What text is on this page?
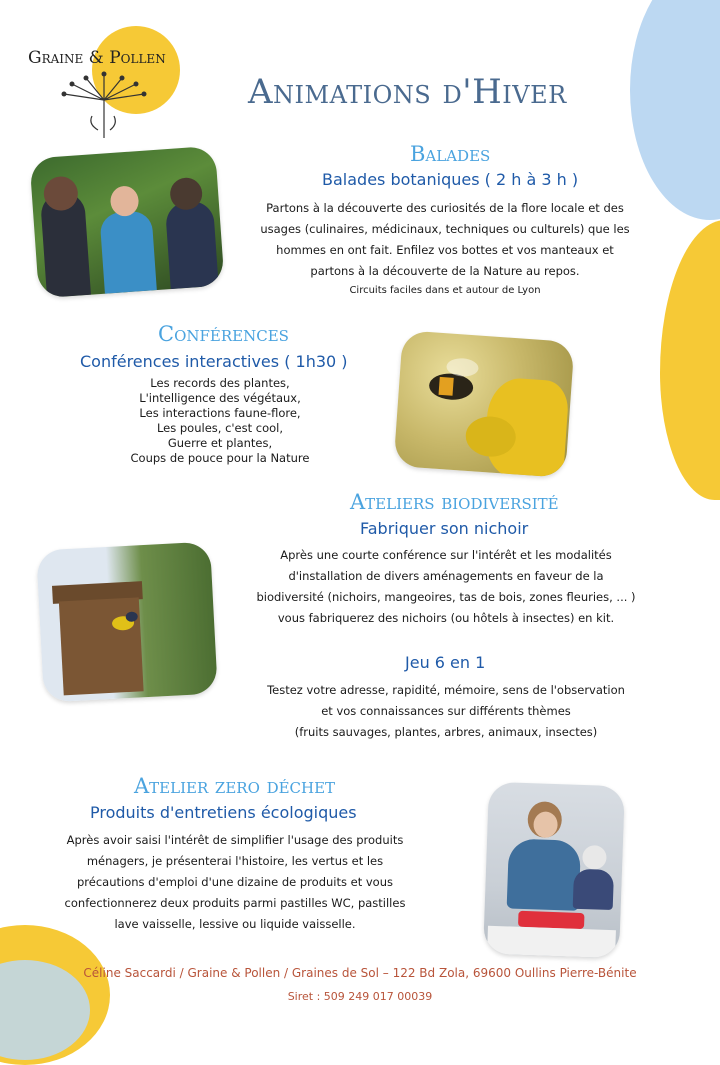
Graine & Pollen
Animations d'Hiver
Balades
Balades botaniques ( 2 h à 3 h )
Partons à la découverte des curiosités de la flore locale et des
usages (culinaires, médicinaux, techniques ou culturels) que les
hommes en ont fait. Enfilez vos bottes et vos manteaux et
partons à la découverte de la Nature au repos.
Circuits faciles dans et autour de Lyon
Conférences
Conférences interactives ( 1h30 )
Les records des plantes,
L'intelligence des végétaux,
Les interactions faune-flore,
Les poules, c'est cool,
Guerre et plantes,
Coups de pouce pour la Nature
Ateliers biodiversité
Fabriquer son nichoir
Après une courte conférence sur l'intérêt et les modalités
d'installation de divers aménagements en faveur de la
biodiversité (nichoirs, mangeoires, tas de bois, zones fleuries, ... )
vous fabriquerez des nichoirs (ou hôtels à insectes) en kit.
Jeu 6 en 1
Testez votre adresse, rapidité, mémoire, sens de l'observation
et vos connaissances sur différents thèmes
(fruits sauvages, plantes, arbres, animaux, insectes)
Atelier zero déchet
Produits d'entretiens écologiques
Après avoir saisi l'intérêt de simplifier l'usage des produits
ménagers, je présenterai l'histoire, les vertus et les
précautions d'emploi d'une dizaine de produits et vous
confectionnerez deux produits parmi pastilles WC, pastilles
lave vaisselle, lessive ou liquide vaisselle.
Céline Saccardi / Graine & Pollen / Graines de Sol – 122 Bd Zola, 69600 Oullins Pierre-Bénite
Siret : 509 249 017 00039
